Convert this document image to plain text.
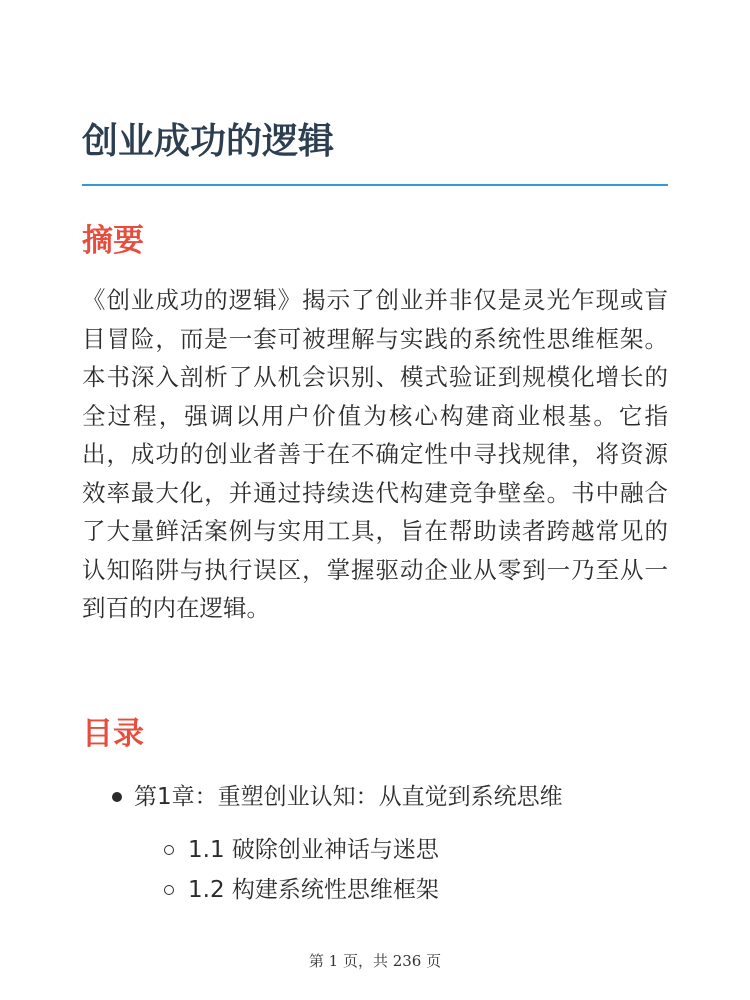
创业成功的逻辑
摘要

《创业成功的逻辑》揭示了创业并非仅是灵光乍现或盲目冒险，而是一套可被理解与实践的系统性思维框架。本书深入剖析了从机会识别、模式验证到规模化增长的全过程，强调以用户价值为核心构建商业根基。它指出，成功的创业者善于在不确定性中寻找规律，将资源效率最大化，并通过持续迭代构建竞争壁垒。书中融合了大量鲜活案例与实用工具，旨在帮助读者跨越常见的认知陷阱与执行误区，掌握驱动企业从零到一乃至从一到百的内在逻辑。

目录
第1章：重塑创业认知：从直觉到系统思维
1.1 破除创业神话与迷思
1.2 构建系统性思维框架
第 1 页，共 236 页
